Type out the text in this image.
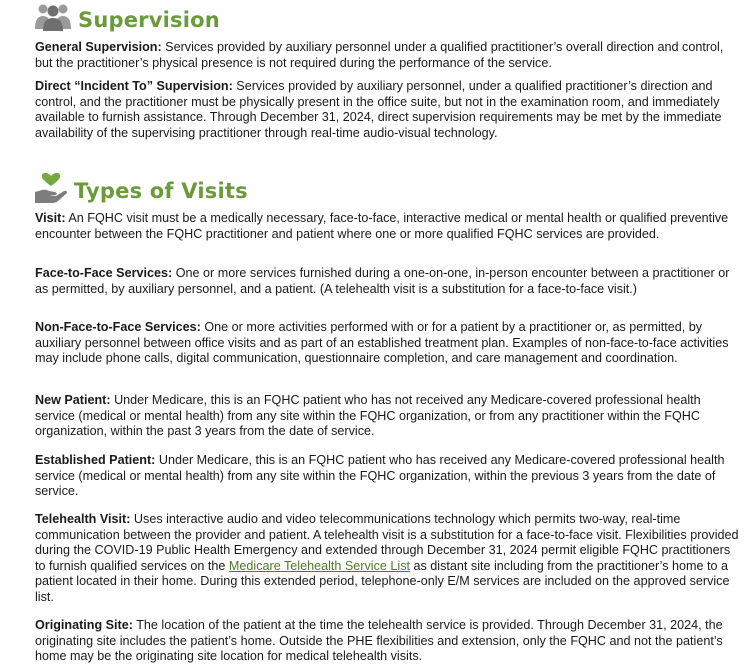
Supervision

General Supervision: Services provided by auxiliary personnel under a qualified practitioner’s overall direction and control, but the practitioner’s physical presence is not required during the performance of the service.

Direct “Incident To” Supervision: Services provided by auxiliary personnel, under a qualified practitioner’s direction and control, and the practitioner must be physically present in the office suite, but not in the examination room, and immediately available to furnish assistance. Through December 31, 2024, direct supervision requirements may be met by the immediate availability of the supervising practitioner through real-time audio-visual technology.

Types of Visits

Visit: An FQHC visit must be a medically necessary, face-to-face, interactive medical or mental health or qualified preventive encounter between the FQHC practitioner and patient where one or more qualified FQHC services are provided.

Face-to-Face Services: One or more services furnished during a one-on-one, in-person encounter between a practitioner or as permitted, by auxiliary personnel, and a patient. (A telehealth visit is a substitution for a face-to-face visit.)

Non-Face-to-Face Services: One or more activities performed with or for a patient by a practitioner or, as permitted, by auxiliary personnel between office visits and as part of an established treatment plan. Examples of non-face-to-face activities may include phone calls, digital communication, questionnaire completion, and care management and coordination.

New Patient: Under Medicare, this is an FQHC patient who has not received any Medicare-covered professional health service (medical or mental health) from any site within the FQHC organization, or from any practitioner within the FQHC organization, within the past 3 years from the date of service.

Established Patient: Under Medicare, this is an FQHC patient who has received any Medicare-covered professional health service (medical or mental health) from any site within the FQHC organization, within the previous 3 years from the date of service.

Telehealth Visit: Uses interactive audio and video telecommunications technology which permits two-way, real-time communication between the provider and patient. A telehealth visit is a substitution for a face-to-face visit. Flexibilities provided during the COVID-19 Public Health Emergency and extended through December 31, 2024 permit eligible FQHC practitioners to furnish qualified services on the Medicare Telehealth Service List as distant site including from the practitioner’s home to a patient located in their home. During this extended period, telephone-only E/M services are included on the approved service list.

Originating Site: The location of the patient at the time the telehealth service is provided. Through December 31, 2024, the originating site includes the patient’s home. Outside the PHE flexibilities and extension, only the FQHC and not the patient’s home may be the originating site location for medical telehealth visits.
